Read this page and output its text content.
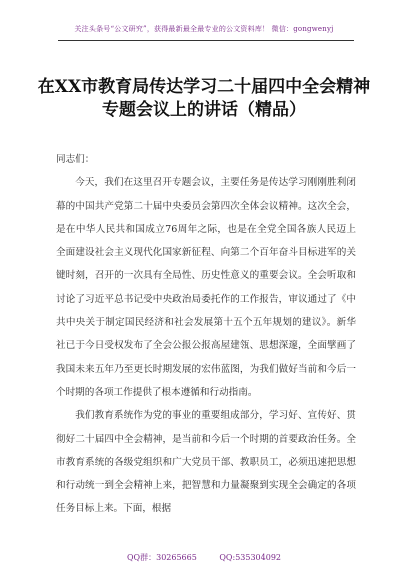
关注头条号“公文研究”，获得最新最全最专业的公文资料库！ 微信：gongwenyj
在XX市教育局传达学习二十届四中全会精神专题会议上的讲话（精品）

同志们：

今天，我们在这里召开专题会议，主要任务是传达学习刚刚胜利闭幕的中国共产党第二十届中央委员会第四次全体会议精神。这次全会，是在中华人民共和国成立76周年之际，也是在全党全国各族人民迈上全面建设社会主义现代化国家新征程、向第二个百年奋斗目标进军的关键时刻，召开的一次具有全局性、历史性意义的重要会议。全会听取和讨论了习近平总书记受中央政治局委托作的工作报告，审议通过了《中共中央关于制定国民经济和社会发展第十五个五年规划的建议》。新华社已于今日受权发布了全会公报公报高屋建瓴、思想深邃，全面擘画了我国未来五年乃至更长时期发展的宏伟蓝图，为我们做好当前和今后一个时期的各项工作提供了根本遵循和行动指南。

我们教育系统作为党的事业的重要组成部分，学习好、宣传好、贯彻好二十届四中全会精神，是当前和今后一个时期的首要政治任务。全市教育系统的各级党组织和广大党员干部、教职员工，必须迅速把思想和行动统一到全会精神上来，把智慧和力量凝聚到实现全会确定的各项任务目标上来。下面，根据

QQ群：30265665	QQ:535304092
